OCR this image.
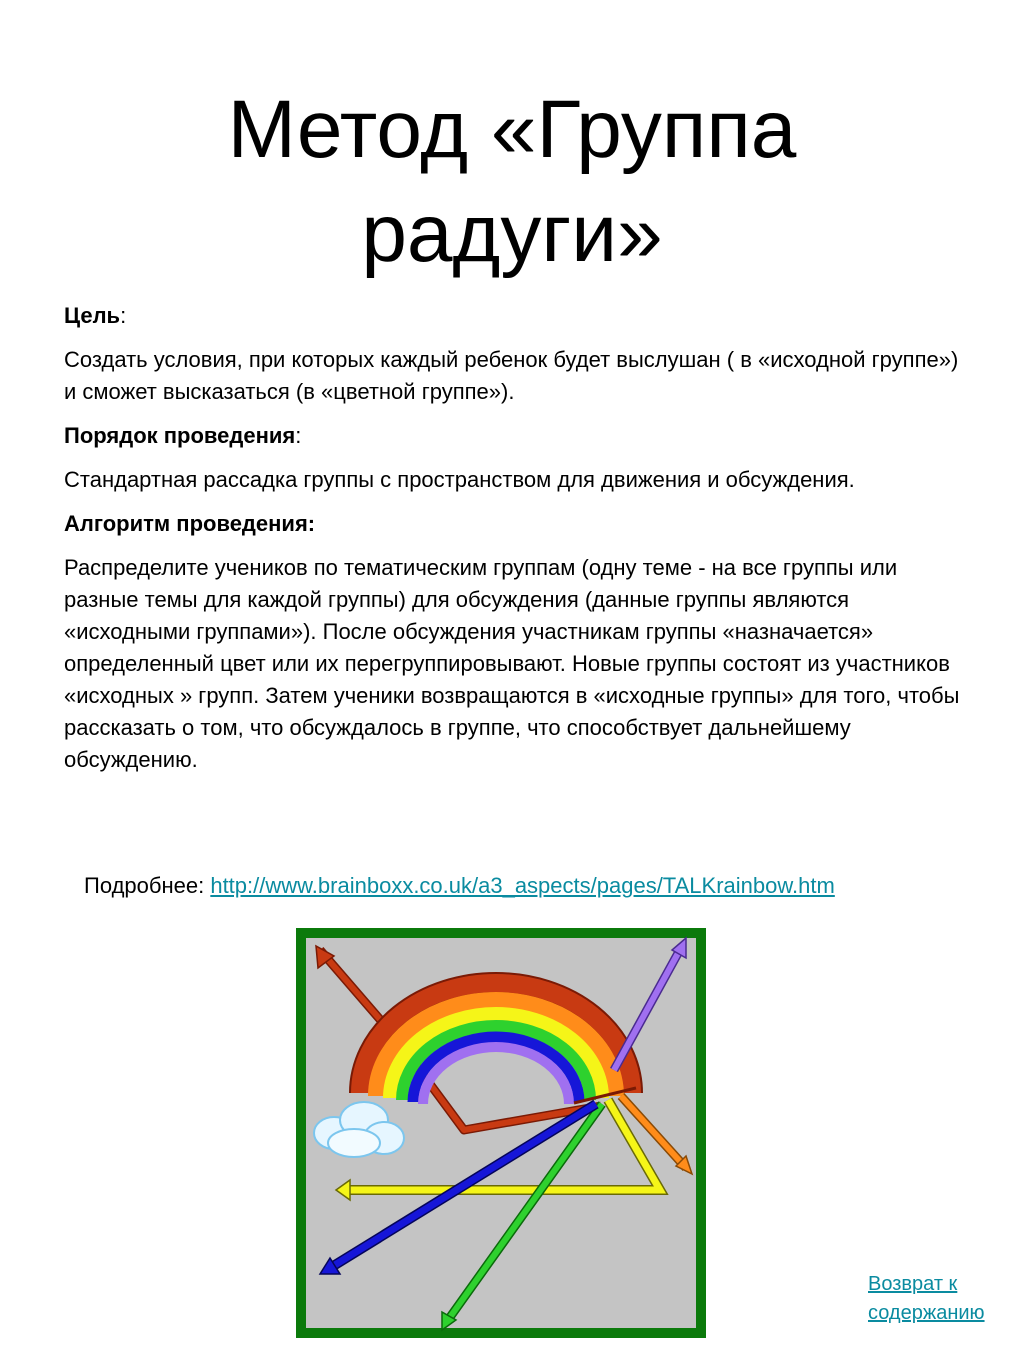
Метод «Группа
радуги»

Цель:

Создать условия, при которых каждый ребенок будет выслушан ( в «исходной группе») и сможет высказаться (в «цветной группе»).

Порядок проведения:

Стандартная рассадка группы с пространством для движения и обсуждения.

Алгоритм проведения:

Распределите учеников по тематическим группам (одну теме - на все группы или разные темы для каждой группы) для обсуждения (данные группы являются «исходными группами»). После обсуждения участникам группы «назначается» определенный цвет или их перегруппировывают. Новые группы состоят из участников «исходных » групп. Затем ученики возвращаются в «исходные группы» для того, чтобы рассказать о том, что обсуждалось в группе, что способствует дальнейшему обсуждению.

Подробнее: http://www.brainboxx.co.uk/a3_aspects/pages/TALKrainbow.htm
Возврат к содержанию
